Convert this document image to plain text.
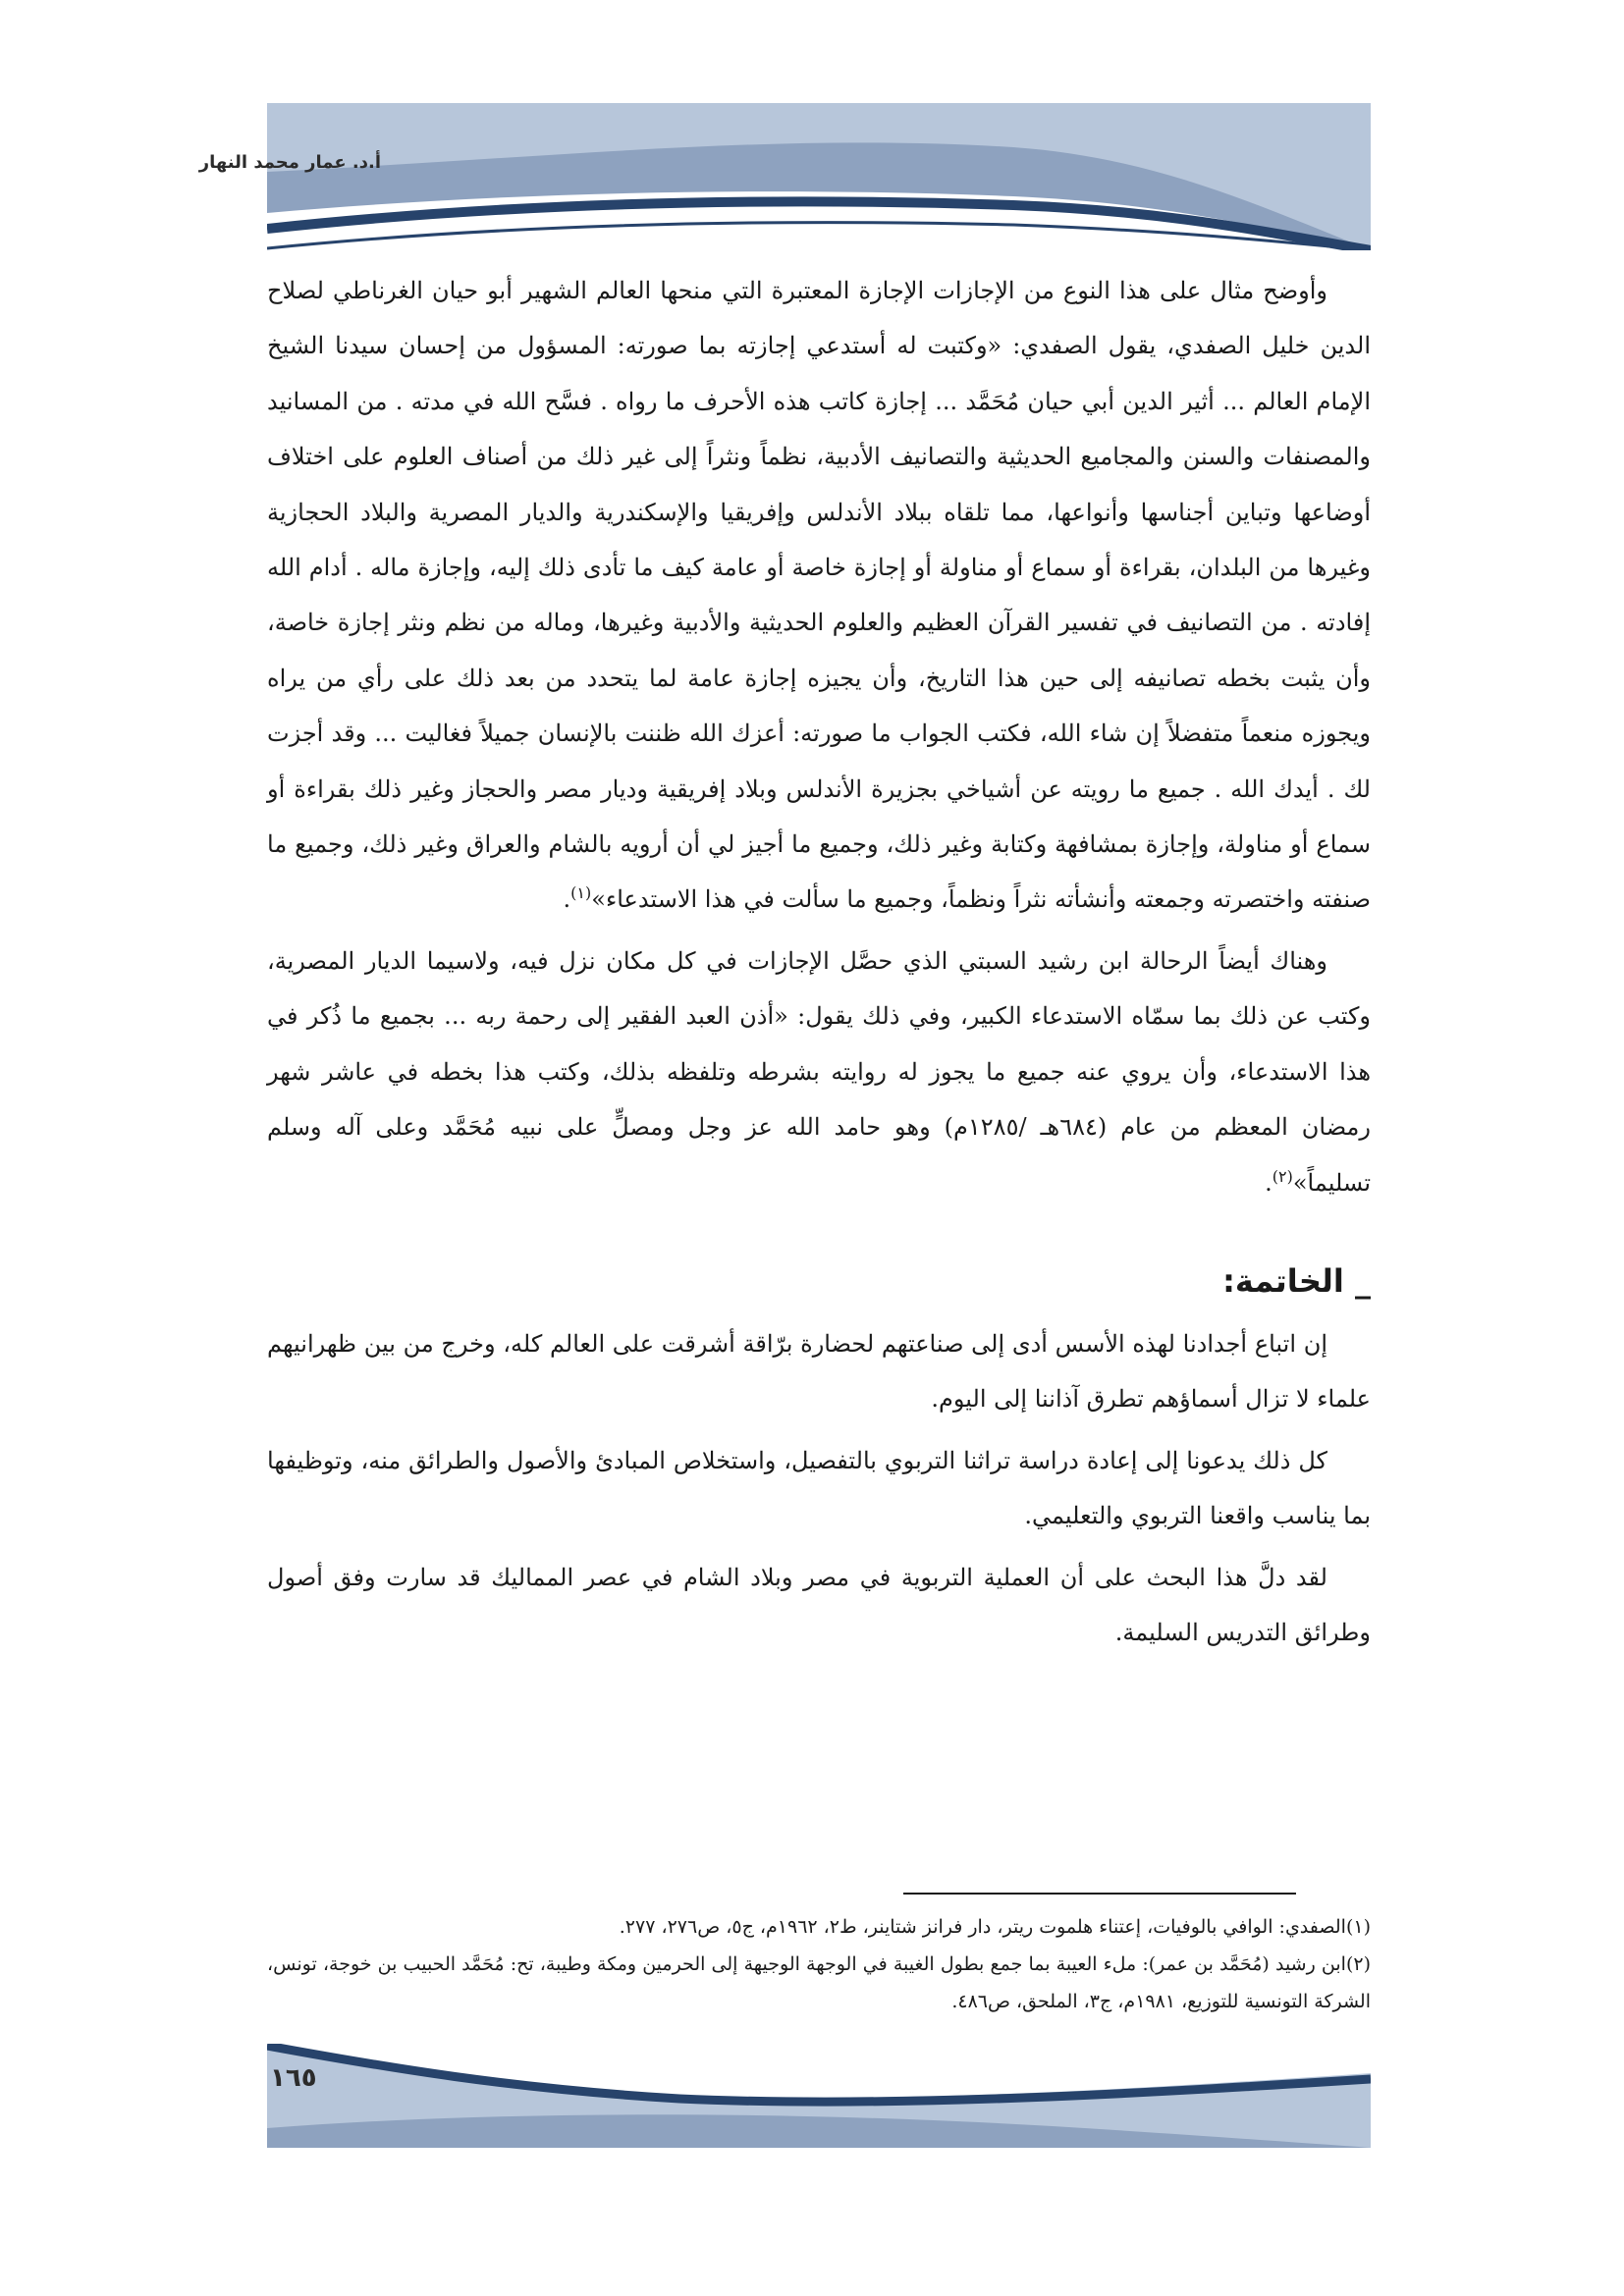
أ.د. عمار محمد النهار

وأوضح مثال على هذا النوع من الإجازات الإجازة المعتبرة التي منحها العالم الشهير أبو حيان الغرناطي لصلاح الدين خليل الصفدي، يقول الصفدي: «وكتبت له أستدعي إجازته بما صورته: المسؤول من إحسان سيدنا الشيخ الإمام العالم ... أثير الدين أبي حيان مُحَمَّد ... إجازة كاتب هذه الأحرف ما رواه . فسَّح الله في مدته . من المسانيد والمصنفات والسنن والمجاميع الحديثية والتصانيف الأدبية، نظماً ونثراً إلى غير ذلك من أصناف العلوم على اختلاف أوضاعها وتباين أجناسها وأنواعها، مما تلقاه ببلاد الأندلس وإفريقيا والإسكندرية والديار المصرية والبلاد الحجازية وغيرها من البلدان، بقراءة أو سماع أو مناولة أو إجازة خاصة أو عامة كيف ما تأدى ذلك إليه، وإجازة ماله . أدام الله إفادته . من التصانيف في تفسير القرآن العظيم والعلوم الحديثية والأدبية وغيرها، وماله من نظم ونثر إجازة خاصة، وأن يثبت بخطه تصانيفه إلى حين هذا التاريخ، وأن يجيزه إجازة عامة لما يتحدد من بعد ذلك على رأي من يراه ويجوزه منعماً متفضلاً إن شاء الله، فكتب الجواب ما صورته: أعزك الله ظننت بالإنسان جميلاً فغاليت ... وقد أجزت لك . أيدك الله . جميع ما رويته عن أشياخي بجزيرة الأندلس وبلاد إفريقية وديار مصر والحجاز وغير ذلك بقراءة أو سماع أو مناولة، وإجازة بمشافهة وكتابة وغير ذلك، وجميع ما أجيز لي أن أرويه بالشام والعراق وغير ذلك، وجميع ما صنفته واختصرته وجمعته وأنشأته نثراً ونظماً، وجميع ما سألت في هذا الاستدعاء»$^{(١)}$.

وهناك أيضاً الرحالة ابن رشيد السبتي الذي حصَّل الإجازات في كل مكان نزل فيه، ولاسيما الديار المصرية، وكتب عن ذلك بما سمّاه الاستدعاء الكبير، وفي ذلك يقول: «أذن العبد الفقير إلى رحمة ربه ... بجميع ما ذُكر في هذا الاستدعاء، وأن يروي عنه جميع ما يجوز له روايته بشرطه وتلفظه بذلك، وكتب هذا بخطه في عاشر شهر رمضان المعظم من عام (٦٨٤هـ /١٢٨٥م) وهو حامد الله عز وجل ومصلٍّ على نبيه مُحَمَّد وعلى آله وسلم تسليماً»$^{(٢)}$.

_ الخاتمة:

إن اتباع أجدادنا لهذه الأسس أدى إلى صناعتهم لحضارة برّاقة أشرقت على العالم كله، وخرج من بين ظهرانيهم علماء لا تزال أسماؤهم تطرق آذاننا إلى اليوم.

كل ذلك يدعونا إلى إعادة دراسة تراثنا التربوي بالتفصيل، واستخلاص المبادئ والأصول والطرائق منه، وتوظيفها بما يناسب واقعنا التربوي والتعليمي.

لقد دلَّ هذا البحث على أن العملية التربوية في مصر وبلاد الشام في عصر المماليك قد سارت وفق أصول وطرائق التدريس السليمة.

(١)الصفدي: الوافي بالوفيات، إعتناء هلموت ريتر، دار فرانز شتاينر، ط٢، ١٩٦٢م، ج٥، ص٢٧٦، ٢٧٧.

(٢)ابن رشيد (مُحَمَّد بن عمر): ملء العيبة بما جمع بطول الغيبة في الوجهة الوجيهة إلى الحرمين ومكة وطيبة، تح: مُحَمَّد الحبيب بن خوجة، تونس، الشركة التونسية للتوزيع، ١٩٨١م، ج٣، الملحق، ص٤٨٦.

١٦٥
